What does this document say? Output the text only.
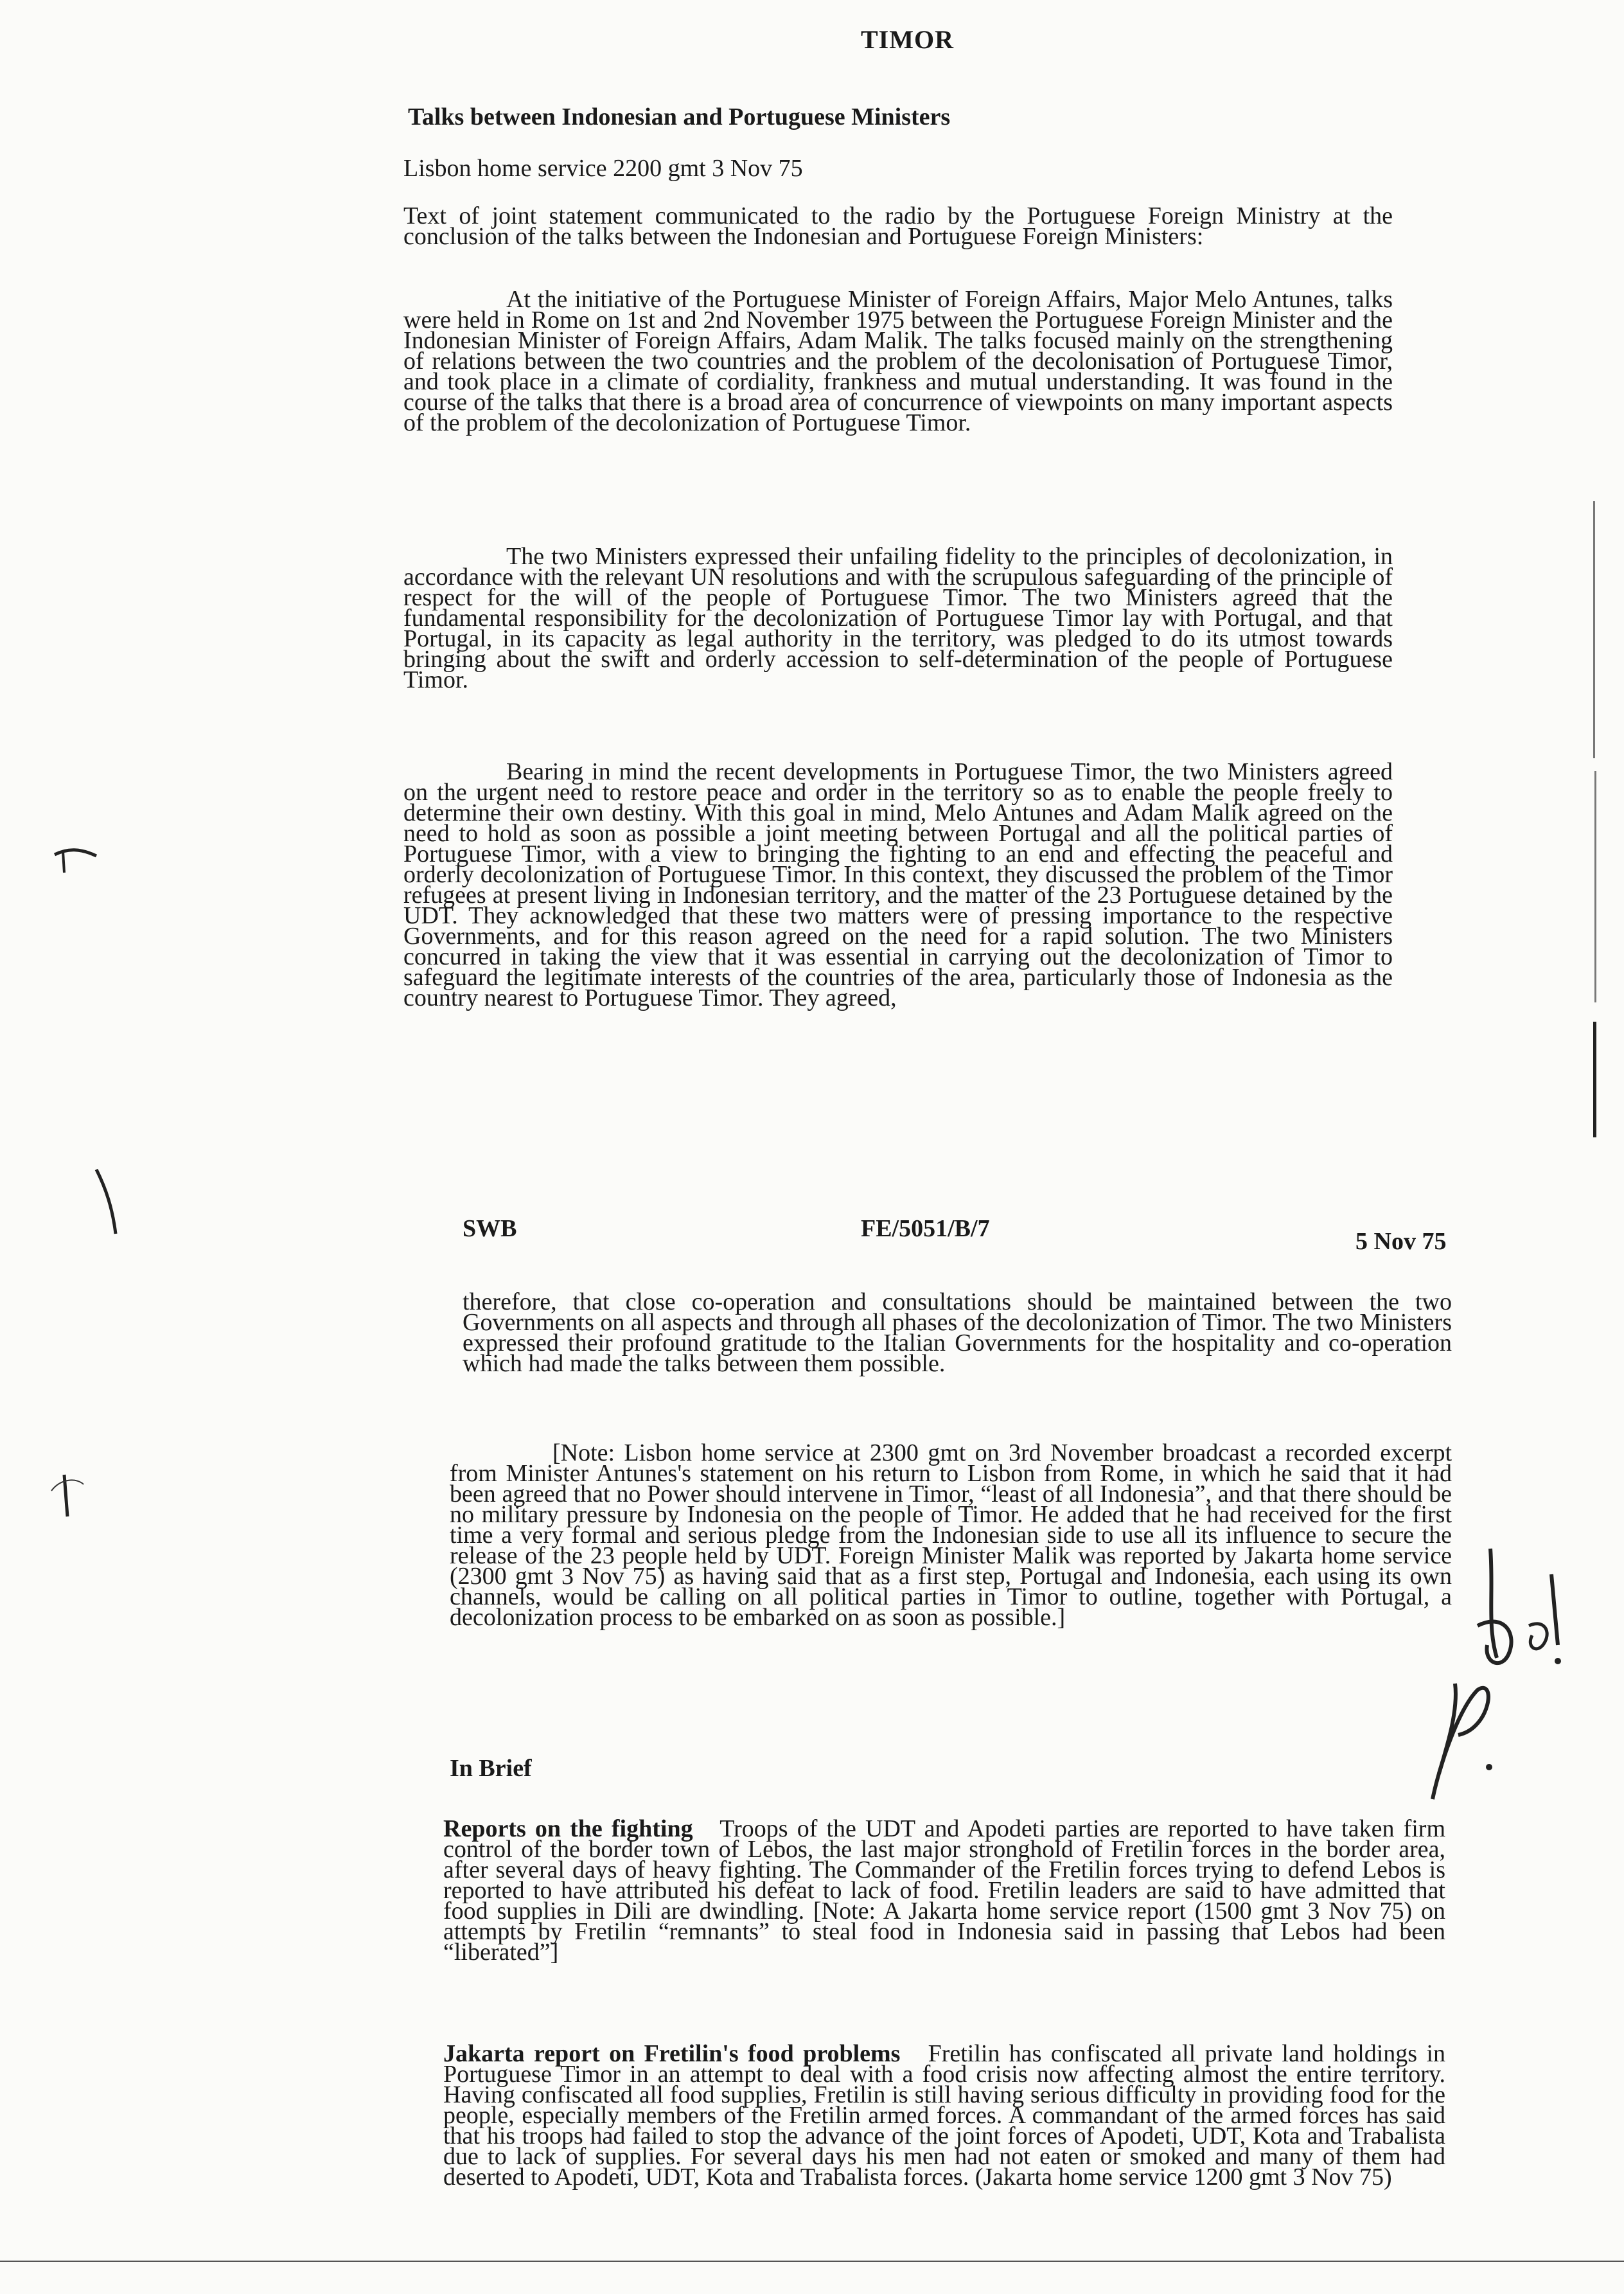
TIMOR
Talks between Indonesian and Portuguese Ministers
Lisbon home service 2200 gmt 3 Nov 75

Text of joint statement communicated to the radio by the Portuguese Foreign Ministry at the conclusion of the talks between the Indonesian and Portuguese Foreign Ministers:

At the initiative of the Portuguese Minister of Foreign Affairs, Major Melo Antunes, talks were held in Rome on 1st and 2nd November 1975 between the Portuguese Foreign Minister and the Indonesian Minister of Foreign Affairs, Adam Malik. The talks focused mainly on the strengthening of relations between the two countries and the problem of the decolonisation of Portuguese Timor, and took place in a climate of cordiality, frankness and mutual understanding. It was found in the course of the talks that there is a broad area of concurrence of viewpoints on many important aspects of the problem of the decolonization of Portuguese Timor.

The two Ministers expressed their unfailing fidelity to the principles of decolonization, in accordance with the relevant UN resolutions and with the scrupulous safeguarding of the principle of respect for the will of the people of Portuguese Timor. The two Ministers agreed that the fundamental responsibility for the decolonization of Portuguese Timor lay with Portugal, and that Portugal, in its capacity as legal authority in the territory, was pledged to do its utmost towards bringing about the swift and orderly accession to self-determination of the people of Portuguese Timor.

Bearing in mind the recent developments in Portuguese Timor, the two Ministers agreed on the urgent need to restore peace and order in the territory so as to enable the people freely to determine their own destiny. With this goal in mind, Melo Antunes and Adam Malik agreed on the need to hold as soon as possible a joint meeting between Portugal and all the political parties of Portuguese Timor, with a view to bringing the fighting to an end and effecting the peaceful and orderly decolonization of Portuguese Timor. In this context, they discussed the problem of the Timor refugees at present living in Indonesian territory, and the matter of the 23 Portuguese detained by the UDT. They acknowledged that these two matters were of pressing importance to the respective Governments, and for this reason agreed on the need for a rapid solution. The two Ministers concurred in taking the view that it was essential in carrying out the decolonization of Timor to safeguard the legitimate interests of the countries of the area, particularly those of Indonesia as the country nearest to Portuguese Timor. They agreed,

SWB	FE/5051/B/7	5 Nov 75

therefore, that close co-operation and consultations should be maintained between the two Governments on all aspects and through all phases of the decolonization of Timor. The two Ministers expressed their profound gratitude to the Italian Governments for the hospitality and co-operation which had made the talks between them possible.

[Note: Lisbon home service at 2300 gmt on 3rd November broadcast a recorded excerpt from Minister Antunes's statement on his return to Lisbon from Rome, in which he said that it had been agreed that no Power should intervene in Timor, “least of all Indonesia”, and that there should be no military pressure by Indonesia on the people of Timor. He added that he had received for the first time a very formal and serious pledge from the Indonesian side to use all its influence to secure the release of the 23 people held by UDT. Foreign Minister Malik was reported by Jakarta home service (2300 gmt 3 Nov 75) as having said that as a first step, Portugal and Indonesia, each using its own channels, would be calling on all political parties in Timor to outline, together with Portugal, a decolonization process to be embarked on as soon as possible.]

In Brief

Reports on the fighting Troops of the UDT and Apodeti parties are reported to have taken firm control of the border town of Lebos, the last major stronghold of Fretilin forces in the border area, after several days of heavy fighting. The Commander of the Fretilin forces trying to defend Lebos is reported to have attributed his defeat to lack of food. Fretilin leaders are said to have admitted that food supplies in Dili are dwindling. [Note: A Jakarta home service report (1500 gmt 3 Nov 75) on attempts by Fretilin “remnants” to steal food in Indonesia said in passing that Lebos had been “liberated”]

Jakarta report on Fretilin's food problems Fretilin has confiscated all private land holdings in Portuguese Timor in an attempt to deal with a food crisis now affecting almost the entire territory. Having confiscated all food supplies, Fretilin is still having serious difficulty in providing food for the people, especially members of the Fretilin armed forces. A commandant of the armed forces has said that his troops had failed to stop the advance of the joint forces of Apodeti, UDT, Kota and Trabalista due to lack of supplies. For several days his men had not eaten or smoked and many of them had deserted to Apodeti, UDT, Kota and Trabalista forces. (Jakarta home service 1200 gmt 3 Nov 75)
